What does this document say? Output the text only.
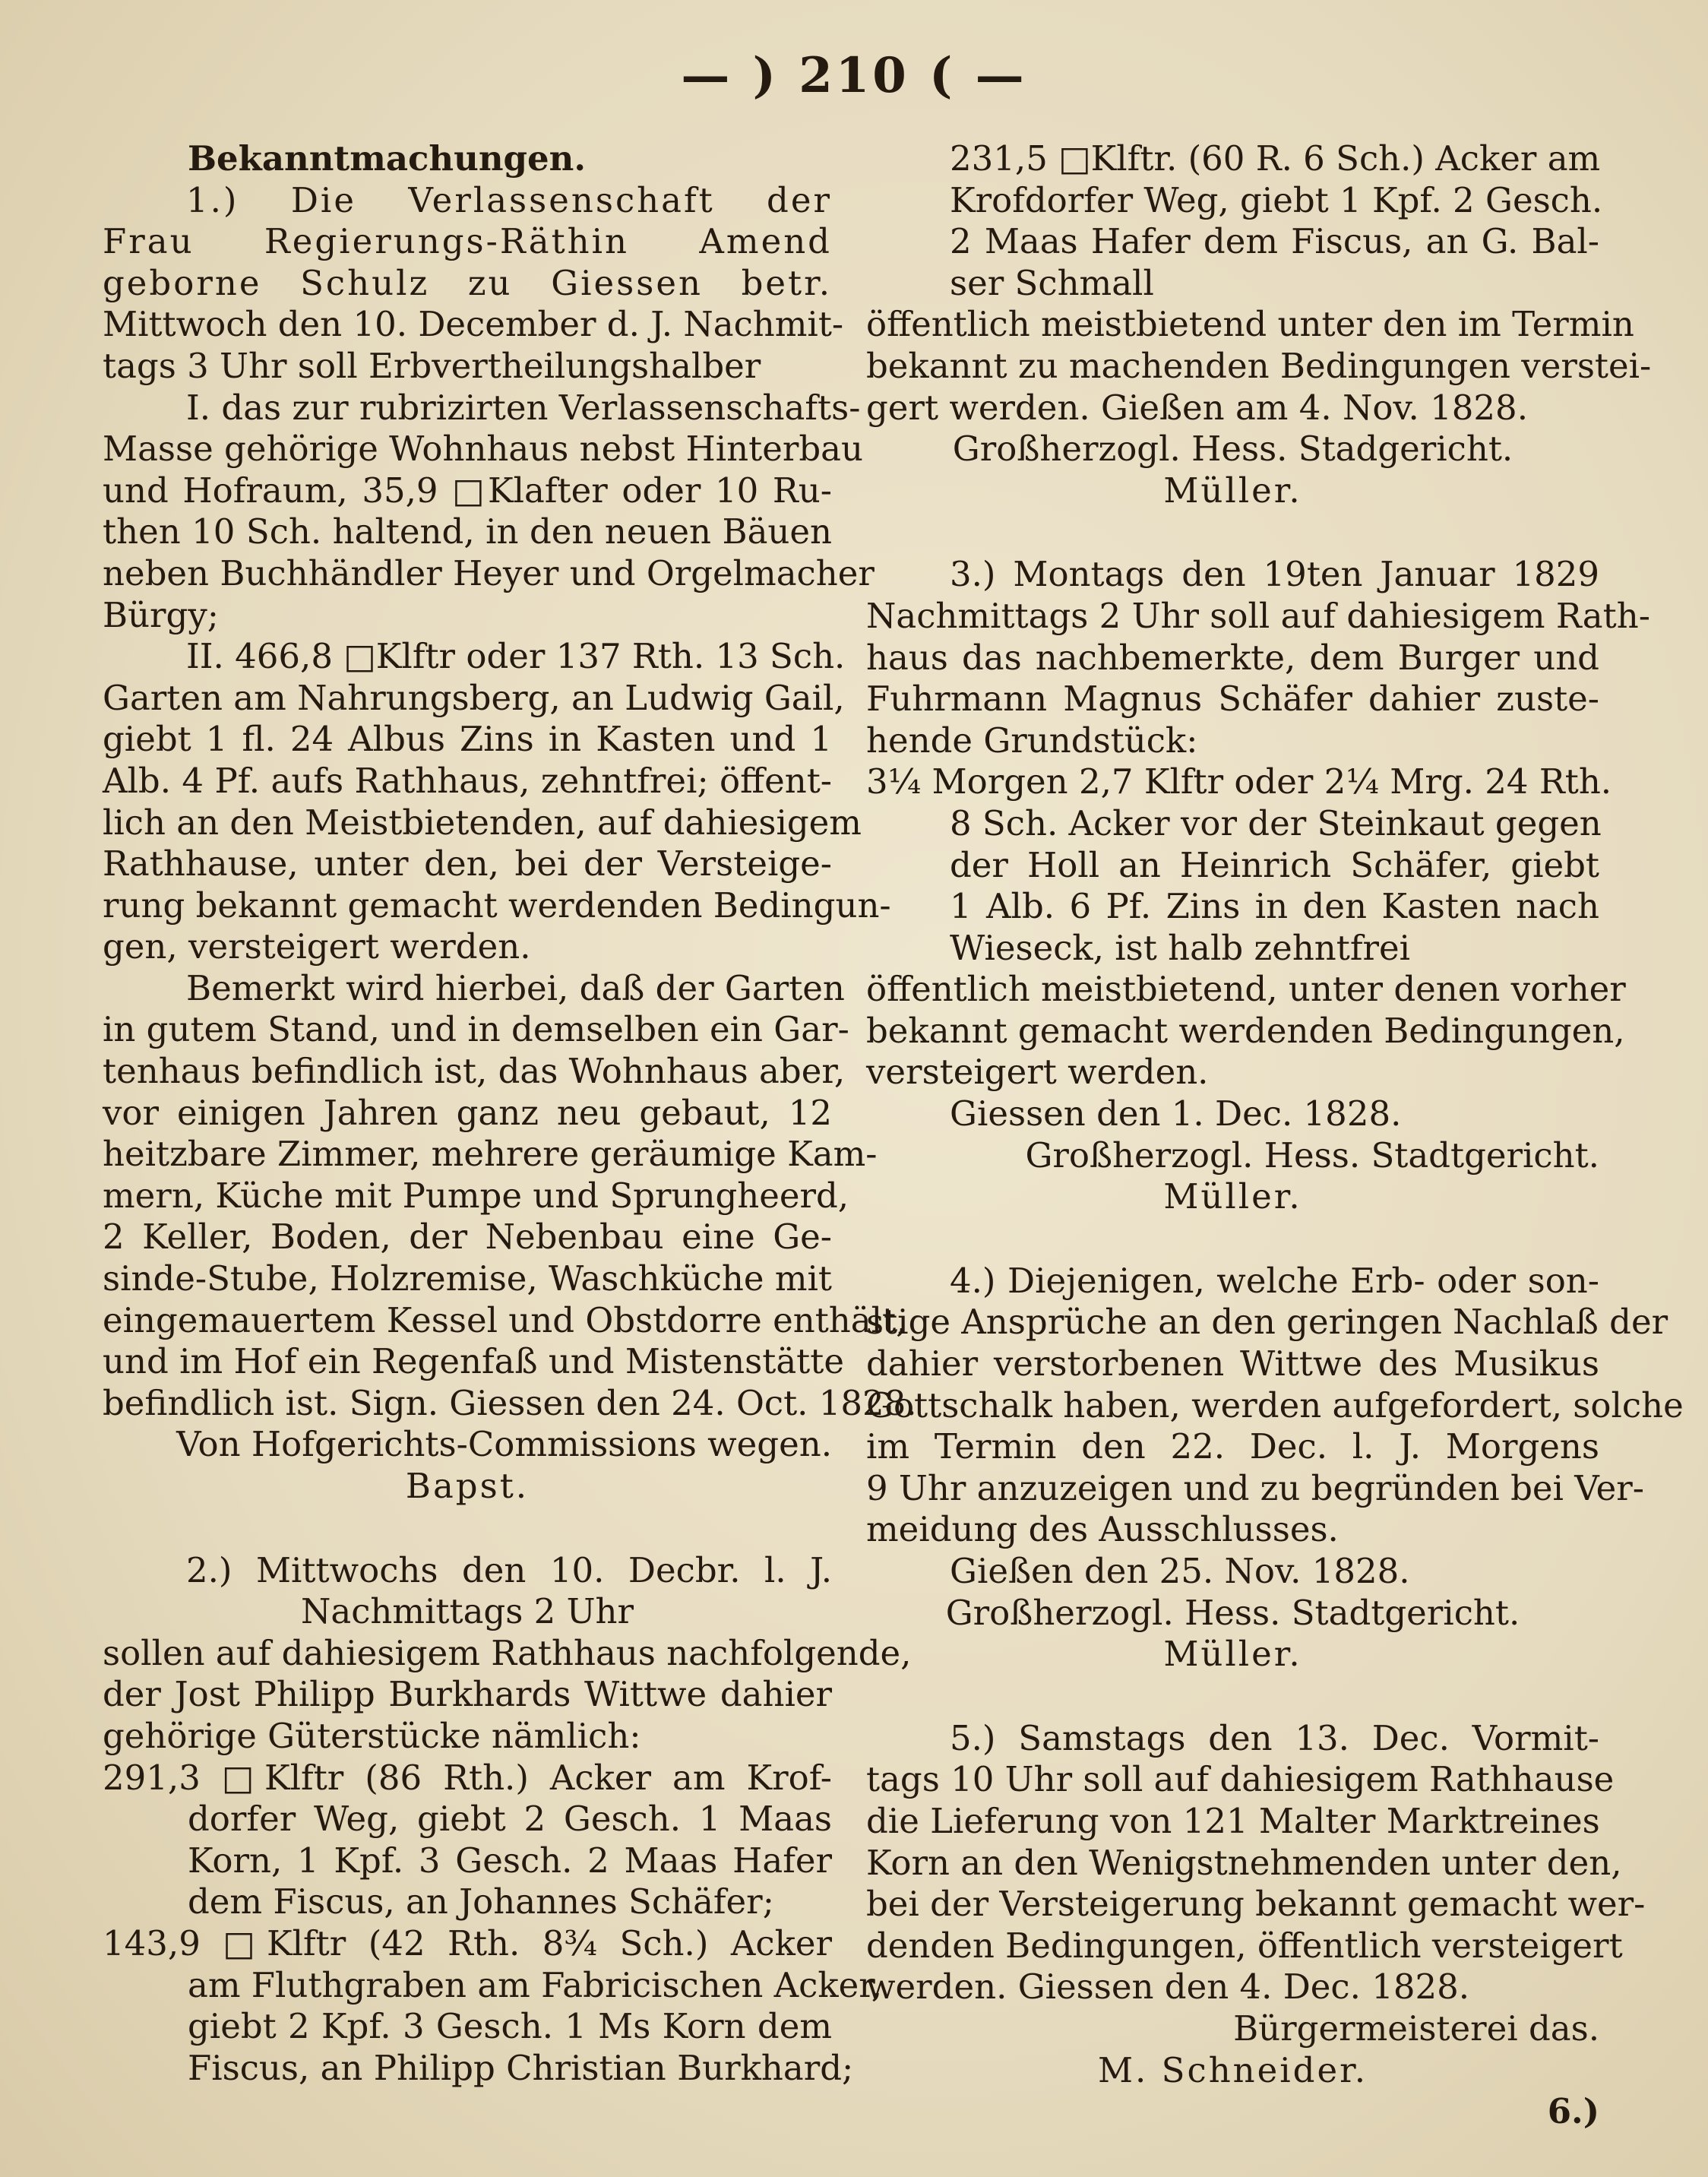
— ) 210 ( —
Bekanntmachungen.
1.) Die Verlassenschaft der
Frau Regierungs-Räthin Amend
geborne Schulz zu Giessen betr.
Mittwoch den 10. December d. J. Nachmit-
tags 3 Uhr soll Erbvertheilungshalber
I. das zur rubrizirten Verlassenschafts-
Masse gehörige Wohnhaus nebst Hinterbau
und Hofraum, 35,9 □Klafter oder 10 Ru-
then 10 Sch. haltend, in den neuen Bäuen
neben Buchhändler Heyer und Orgelmacher
Bürgy;
II. 466,8 □Klftr oder 137 Rth. 13 Sch.
Garten am Nahrungsberg, an Ludwig Gail,
giebt 1 fl. 24 Albus Zins in Kasten und 1
Alb. 4 Pf. aufs Rathhaus, zehntfrei; öffent-
lich an den Meistbietenden, auf dahiesigem
Rathhause, unter den, bei der Versteige-
rung bekannt gemacht werdenden Bedingun-
gen, versteigert werden.
Bemerkt wird hierbei, daß der Garten
in gutem Stand, und in demselben ein Gar-
tenhaus befindlich ist, das Wohnhaus aber,
vor einigen Jahren ganz neu gebaut, 12
heitzbare Zimmer, mehrere geräumige Kam-
mern, Küche mit Pumpe und Sprungheerd,
2 Keller, Boden, der Nebenbau eine Ge-
sinde-Stube, Holzremise, Waschküche mit
eingemauertem Kessel und Obstdorre enthält,
und im Hof ein Regenfaß und Mistenstätte
befindlich ist. Sign. Giessen den 24. Oct. 1828.
Von Hofgerichts-Commissions wegen.
Bapst.
2.) Mittwochs den 10. Decbr. l. J.
Nachmittags 2 Uhr
sollen auf dahiesigem Rathhaus nachfolgende,
der Jost Philipp Burkhards Wittwe dahier
gehörige Güterstücke nämlich:
291,3 □Klftr (86 Rth.) Acker am Krof-
dorfer Weg, giebt 2 Gesch. 1 Maas
Korn, 1 Kpf. 3 Gesch. 2 Maas Hafer
dem Fiscus, an Johannes Schäfer;
143,9 □Klftr (42 Rth. 8¾ Sch.) Acker
am Fluthgraben am Fabricischen Acker,
giebt 2 Kpf. 3 Gesch. 1 Ms Korn dem
Fiscus, an Philipp Christian Burkhard;
231,5 □Klftr. (60 R. 6 Sch.) Acker am
Krofdorfer Weg, giebt 1 Kpf. 2 Gesch.
2 Maas Hafer dem Fiscus, an G. Bal-
ser Schmall
öffentlich meistbietend unter den im Termin
bekannt zu machenden Bedingungen verstei-
gert werden. Gießen am 4. Nov. 1828.
Großherzogl. Hess. Stadgericht.
Müller.
3.) Montags den 19ten Januar 1829
Nachmittags 2 Uhr soll auf dahiesigem Rath-
haus das nachbemerkte, dem Burger und
Fuhrmann Magnus Schäfer dahier zuste-
hende Grundstück:
3¼ Morgen 2,7 Klftr oder 2¼ Mrg. 24 Rth.
8 Sch. Acker vor der Steinkaut gegen
der Holl an Heinrich Schäfer, giebt
1 Alb. 6 Pf. Zins in den Kasten nach
Wieseck, ist halb zehntfrei
öffentlich meistbietend, unter denen vorher
bekannt gemacht werdenden Bedingungen,
versteigert werden.
Giessen den 1. Dec. 1828.
Großherzogl. Hess. Stadtgericht.
Müller.
4.) Diejenigen, welche Erb- oder son-
stige Ansprüche an den geringen Nachlaß der
dahier verstorbenen Wittwe des Musikus
Gottschalk haben, werden aufgefordert, solche
im Termin den 22. Dec. l. J. Morgens
9 Uhr anzuzeigen und zu begründen bei Ver-
meidung des Ausschlusses.
Gießen den 25. Nov. 1828.
Großherzogl. Hess. Stadtgericht.
Müller.
5.) Samstags den 13. Dec. Vormit-
tags 10 Uhr soll auf dahiesigem Rathhause
die Lieferung von 121 Malter Marktreines
Korn an den Wenigstnehmenden unter den,
bei der Versteigerung bekannt gemacht wer-
denden Bedingungen, öffentlich versteigert
werden. Giessen den 4. Dec. 1828.
Bürgermeisterei das.
M. Schneider.
6.)
